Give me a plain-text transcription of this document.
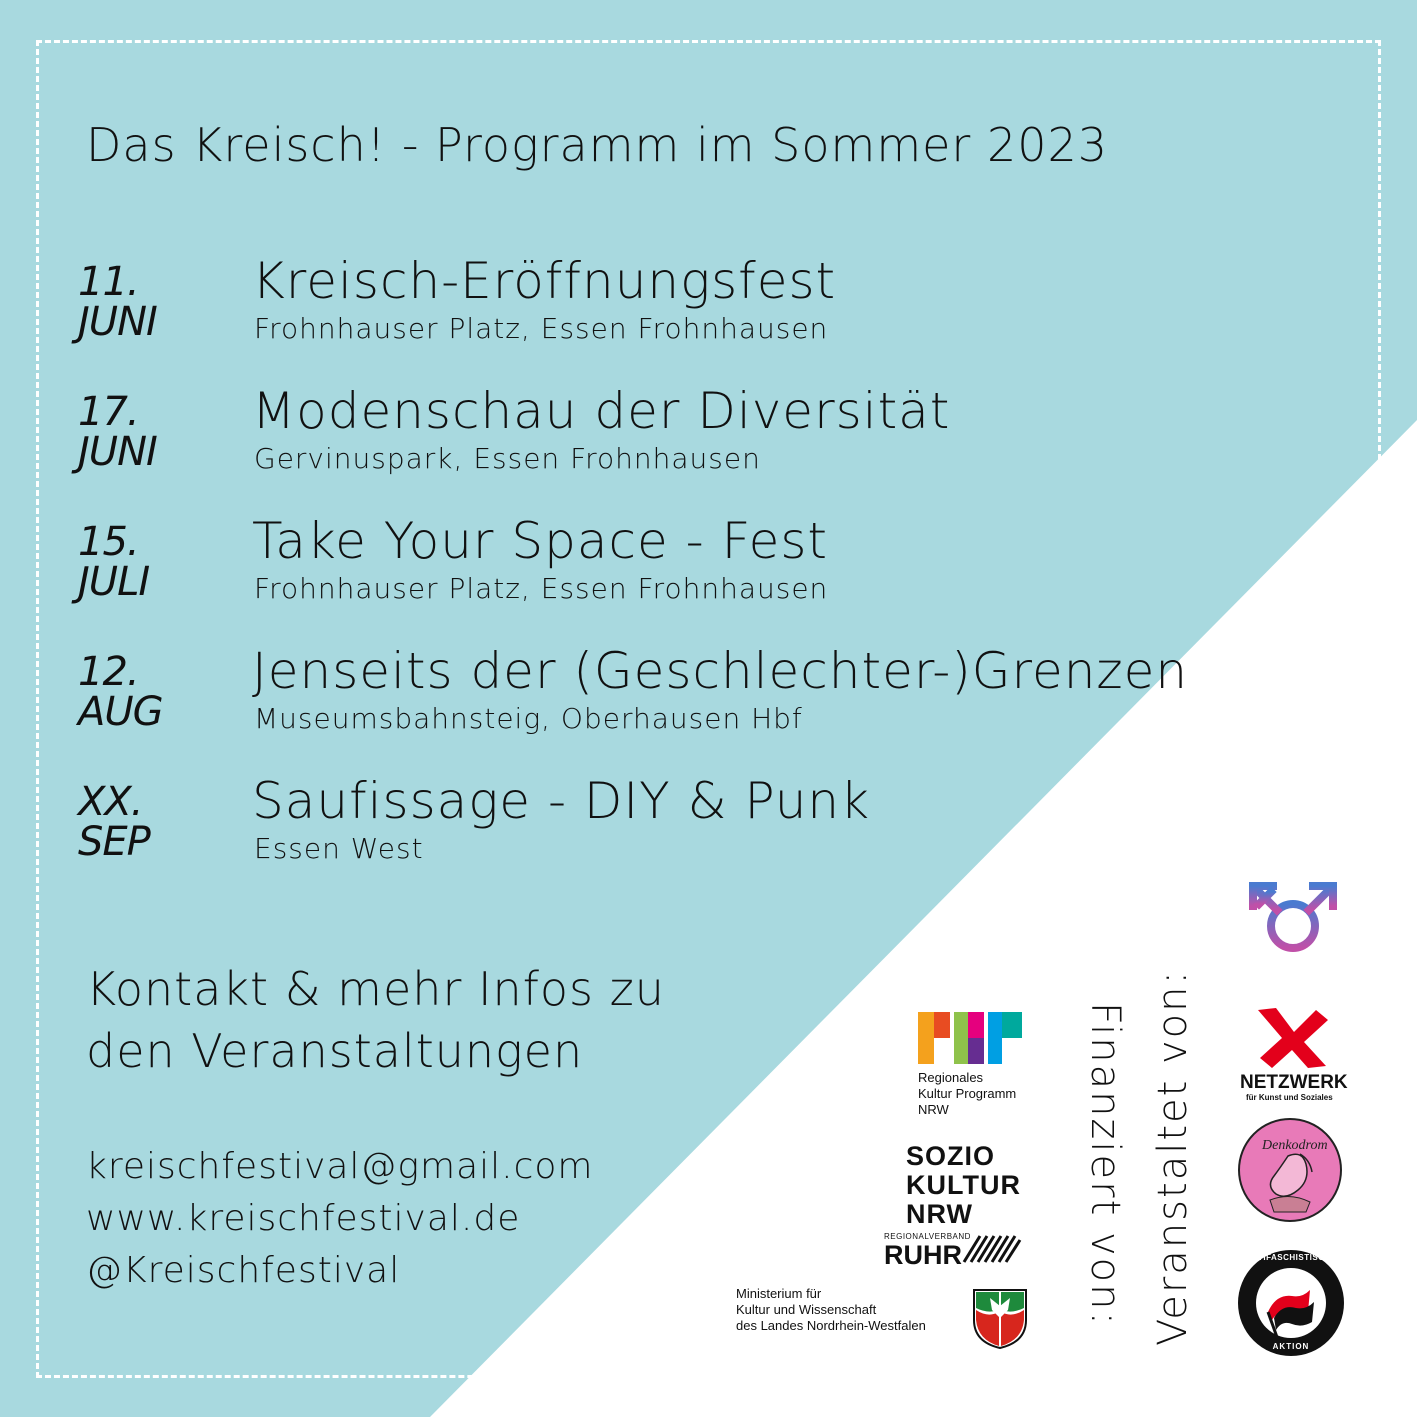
Das Kreisch! - Programm im Sommer 2023
11.
JUNI
Kreisch-Eröffnungsfest
Frohnhauser Platz, Essen Frohnhausen
17.
JUNI
Modenschau der Diversität
Gervinuspark, Essen Frohnhausen
15.
JULI
Take Your Space - Fest
Frohnhauser Platz, Essen Frohnhausen
12.
AUG
Jenseits der (Geschlechter-)Grenzen
Museumsbahnsteig, Oberhausen Hbf
XX.
SEP
Saufissage - DIY & Punk
Essen West
Kontakt & mehr Infos zu
den Veranstaltungen
kreischfestival@gmail.com
www.kreischfestival.de
@Kreischfestival	Finanziert von: Veranstaltet von:
Regionales
Kultur Programm
NRW
SOZIO
KULTUR
NRW
REGIONALVERBAND
RUHR
Ministerium für
Kultur und Wissenschaft
des Landes Nordrhein-Westfalen
NETZWERK
für Kunst und Soziales
Denkodrom
ANTIFASCHISTISCHE
AKTION
